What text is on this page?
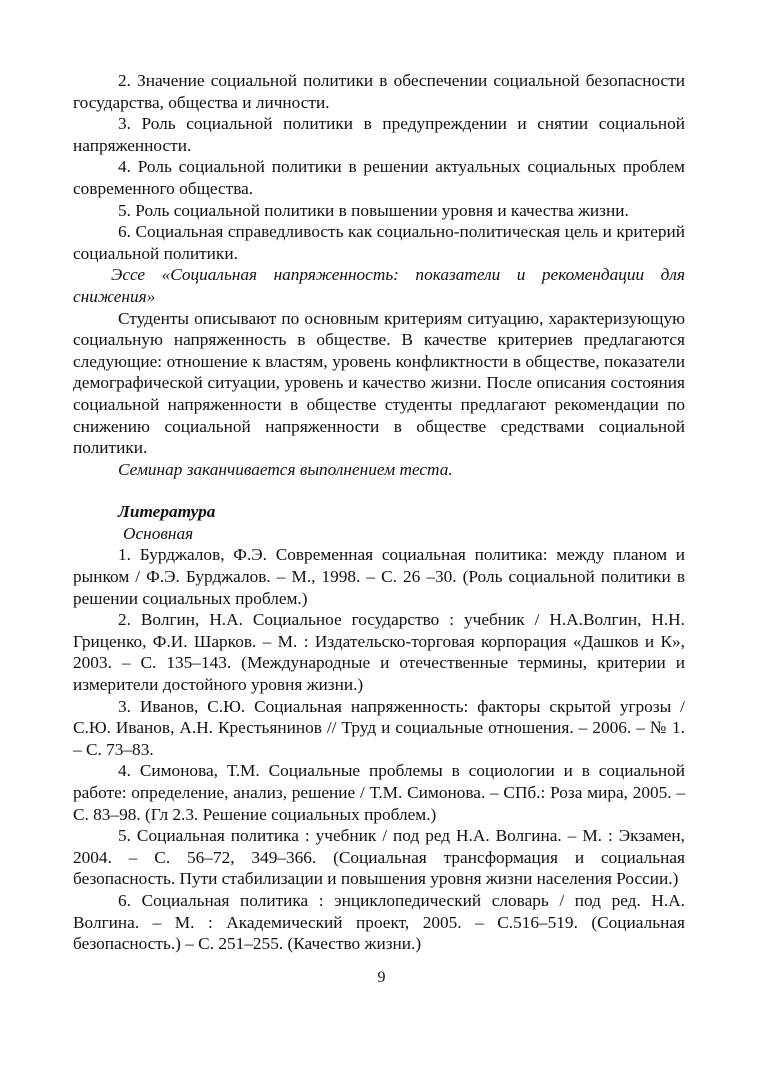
2. Значение социальной политики в обеспечении социальной безопасности государства, общества и личности.

3. Роль социальной политики в предупреждении и снятии социальной напряженности.

4. Роль социальной политики в решении актуальных социальных проблем современного общества.

5. Роль социальной политики в повышении уровня и качества жизни.

6. Социальная справедливость как социально-политическая цель и критерий социальной политики.

Эссе «Социальная напряженность: показатели и рекомендации для снижения»

Студенты описывают по основным критериям ситуацию, характеризующую социальную напряженность в обществе. В качестве критериев предлагаются следующие: отношение к властям, уровень конфликтности в обществе, показатели демографической ситуации, уровень и качество жизни. После описания состояния социальной напряженности в обществе студенты предлагают рекомендации по снижению социальной напряженности в обществе средствами социальной политики.

Семинар заканчивается выполнением теста.

Литература

Основная

1. Бурджалов, Ф.Э. Современная социальная политика: между планом и рынком / Ф.Э. Бурджалов. – М., 1998. – С. 26 –30. (Роль социальной политики в решении социальных проблем.)

2. Волгин, Н.А. Социальное государство : учебник / Н.А.Волгин, Н.Н. Гриценко, Ф.И. Шарков. – М. : Издательско-торговая корпорация «Дашков и К», 2003. – С. 135–143. (Международные и отечественные термины, критерии и измерители достойного уровня жизни.)

3. Иванов, С.Ю. Социальная напряженность: факторы скрытой угрозы / С.Ю. Иванов, А.Н. Крестьянинов // Труд и социальные отношения. – 2006. – № 1. – С. 73–83.

4. Симонова, Т.М. Социальные проблемы в социологии и в социальной работе: определение, анализ, решение / Т.М. Симонова. – СПб.: Роза мира, 2005. – С. 83–98. (Гл 2.3. Решение социальных проблем.)

5. Социальная политика : учебник / под ред Н.А. Волгина. – М. : Экзамен, 2004. – С. 56–72, 349–366. (Социальная трансформация и социальная безопасность. Пути стабилизации и повышения уровня жизни населения России.)

6. Социальная политика : энциклопедический словарь / под ред. Н.А. Волгина. – М. : Академический проект, 2005. – С.516–519. (Социальная безопасность.) – С. 251–255. (Качество жизни.)

9
